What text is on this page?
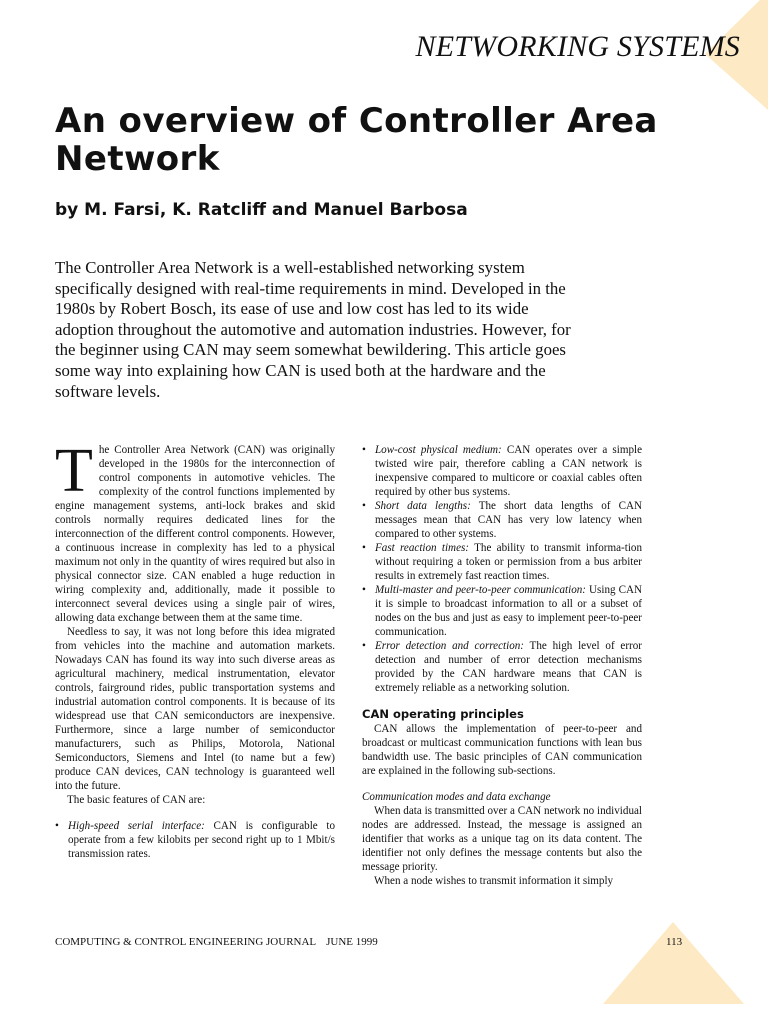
NETWORKING SYSTEMS
An overview of Controller Area Network
by M. Farsi, K. Ratcliff and Manuel Barbosa

The Controller Area Network is a well-established networking system specifically designed with real-time requirements in mind. Developed in the 1980s by Robert Bosch, its ease of use and low cost has led to its wide adoption throughout the automotive and automation industries. However, for the beginner using CAN may seem somewhat bewildering. This article goes some way into explaining how CAN is used both at the hardware and the software levels.

The Controller Area Network (CAN) was originally developed in the 1980s for the interconnection of control components in automotive vehicles. The complexity of the control functions implemented by engine management systems, anti-lock brakes and skid controls normally requires dedicated lines for the interconnection of the different control components. However, a continuous increase in complexity has led to a physical maximum not only in the quantity of wires required but also in physical connector size. CAN enabled a huge reduction in wiring complexity and, additionally, made it possible to interconnect several devices using a single pair of wires, allowing data exchange between them at the same time.

Needless to say, it was not long before this idea migrated from vehicles into the machine and automation markets. Nowadays CAN has found its way into such diverse areas as agricultural machinery, medical instrumentation, elevator controls, fairground rides, public transportation systems and industrial automation control components. It is because of its widespread use that CAN semiconductors are inexpensive. Furthermore, since a large number of semiconductor manufacturers, such as Philips, Motorola, National Semiconductors, Siemens and Intel (to name but a few) produce CAN devices, CAN technology is guaranteed well into the future.

The basic features of CAN are:

• High-speed serial interface: CAN is configurable to operate from a few kilobits per second right up to 1 Mbit/s transmission rates.
• Low-cost physical medium: CAN operates over a simple twisted wire pair, therefore cabling a CAN network is inexpensive compared to multicore or coaxial cables often required by other bus systems.
• Short data lengths: The short data lengths of CAN messages mean that CAN has very low latency when compared to other systems.
• Fast reaction times: The ability to transmit informa-tion without requiring a token or permission from a bus arbiter results in extremely fast reaction times.
• Multi-master and peer-to-peer communication: Using CAN it is simple to broadcast information to all or a subset of nodes on the bus and just as easy to implement peer-to-peer communication.
• Error detection and correction: The high level of error detection and number of error detection mechanisms provided by the CAN hardware means that CAN is extremely reliable as a networking solution.
CAN operating principles

CAN allows the implementation of peer-to-peer and broadcast or multicast communication functions with lean bus bandwidth use. The basic principles of CAN communication are explained in the following sub-sections.

Communication modes and data exchange

When data is transmitted over a CAN network no individual nodes are addressed. Instead, the message is assigned an identifier that works as a unique tag on its data content. The identifier not only defines the message contents but also the message priority.

When a node wishes to transmit information it simply

COMPUTING & CONTROL ENGINEERING JOURNAL JUNE 1999	113
